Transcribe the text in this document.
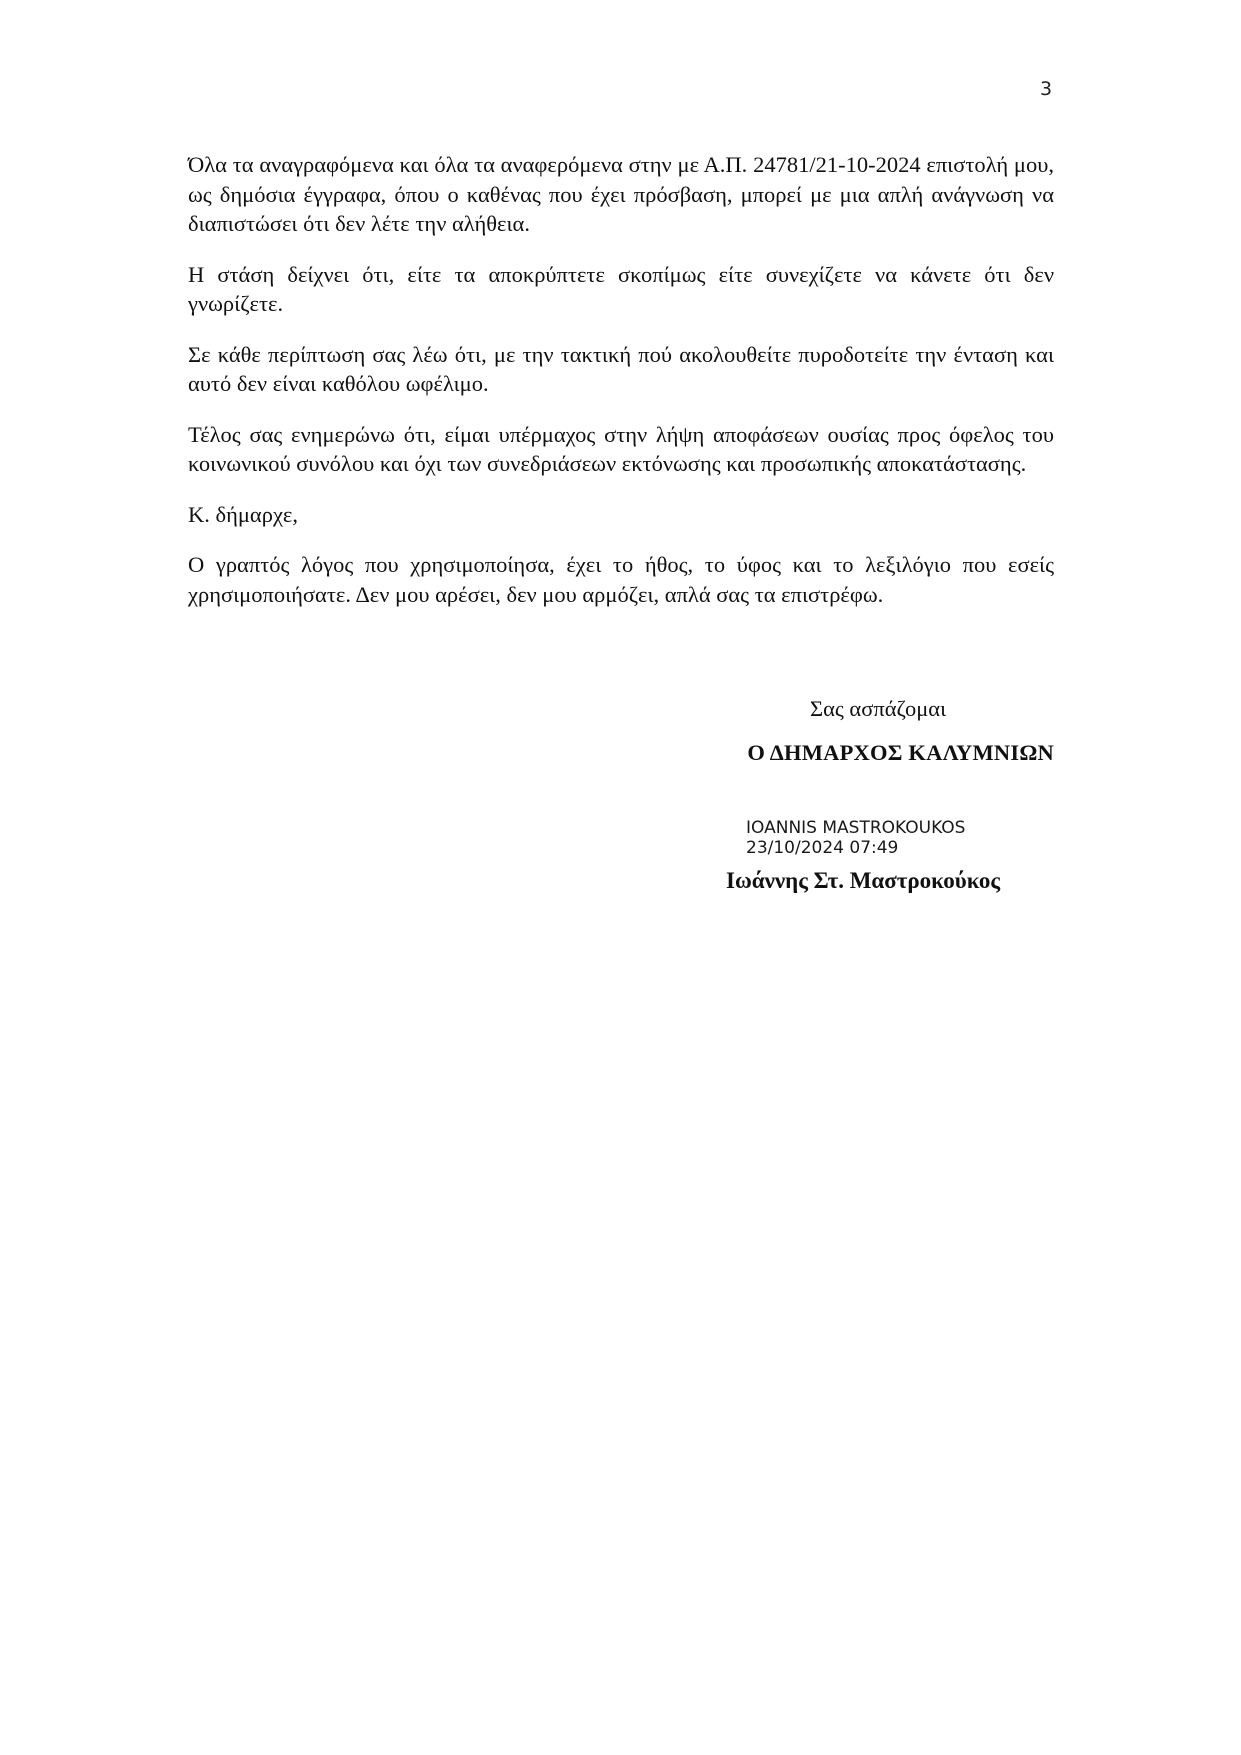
3

Όλα τα αναγραφόμενα και όλα τα αναφερόμενα στην με Α.Π. 24781/21-10-2024 επιστολή μου, ως δημόσια έγγραφα, όπου ο καθένας που έχει πρόσβαση, μπορεί με μια απλή ανάγνωση να διαπιστώσει ότι δεν λέτε την αλήθεια.

Η στάση δείχνει ότι, είτε τα αποκρύπτετε σκοπίμως είτε συνεχίζετε να κάνετε ότι δεν γνωρίζετε.

Σε κάθε περίπτωση σας λέω ότι, με την τακτική πού ακολουθείτε πυροδοτείτε την ένταση και αυτό δεν είναι καθόλου ωφέλιμο.

Τέλος σας ενημερώνω ότι, είμαι υπέρμαχος στην λήψη αποφάσεων ουσίας προς όφελος του κοινωνικού συνόλου και όχι των συνεδριάσεων εκτόνωσης και προσωπικής αποκατάστασης.

Κ. δήμαρχε,

Ο γραπτός λόγος που χρησιμοποίησα, έχει το ήθος, το ύφος και το λεξιλόγιο που εσείς χρησιμοποιήσατε. Δεν μου αρέσει, δεν μου αρμόζει, απλά σας τα επιστρέφω.

Σας ασπάζομαι
Ο ΔΗΜΑΡΧΟΣ ΚΑΛΥΜΝΙΩΝ
IOANNIS MASTROKOUKOS
23/10/2024 07:49
Ιωάννης Στ. Μαστροκούκος
